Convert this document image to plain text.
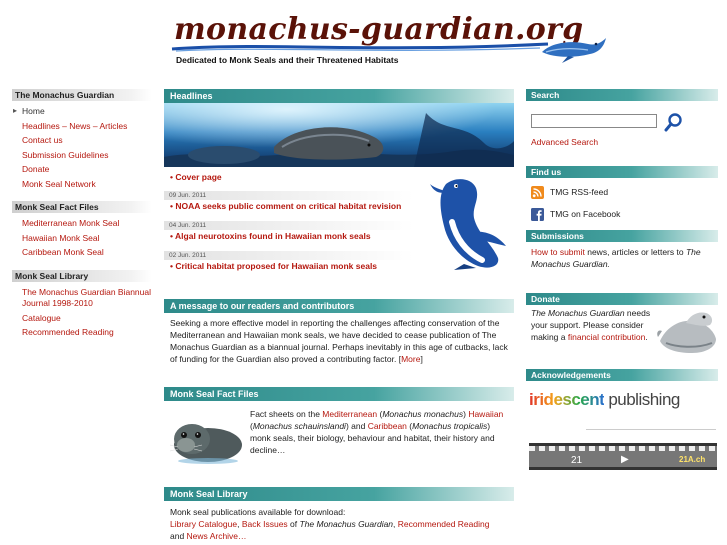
monachus-guardian.org
Dedicated to Monk Seals and their Threatened Habitats
The Monachus Guardian
▸ Home
Headlines – News – Articles
Contact us
Submission Guidelines
Donate
Monk Seal Network
Monk Seal Fact Files
Mediterranean Monk Seal
Hawaiian Monk Seal
Caribbean Monk Seal
Monk Seal Library
The Monachus Guardian Biannual Journal 1998-2010
Catalogue
Recommended Reading
Headlines
• Cover page
09 Jun. 2011
• NOAA seeks public comment on critical habitat revision
04 Jun. 2011
• Algal neurotoxins found in Hawaiian monk seals
02 Jun. 2011
• Critical habitat proposed for Hawaiian monk seals
A message to our readers and contributors
Seeking a more effective model in reporting the challenges affecting conservation of the Mediterranean and Hawaiian monk seals, we have decided to cease publication of The Monachus Guardian as a biannual journal. Perhaps inevitably in this age of cutbacks, lack of funding for the Guardian also proved a contributing factor. [More]
Monk Seal Fact Files
Fact sheets on the Mediterranean (Monachus monachus) Hawaiian (Monachus schauinslandi) and Caribbean (Monachus tropicalis) monk seals, their biology, behaviour and habitat, their history and decline…
Monk Seal Library
Monk seal publications available for download:
Library Catalogue, Back Issues of The Monachus Guardian, Recommended Reading
and News Archive…
Search
Advanced Search
Find us
TMG RSS-feed
TMG on Facebook
Submissions
How to submit news, articles or letters to The Monachus Guardian.
Donate
The Monachus Guardian needs your support. Please consider making a financial contribution.
Acknowledgements
iridescent publishing
21	▶	21A.ch
